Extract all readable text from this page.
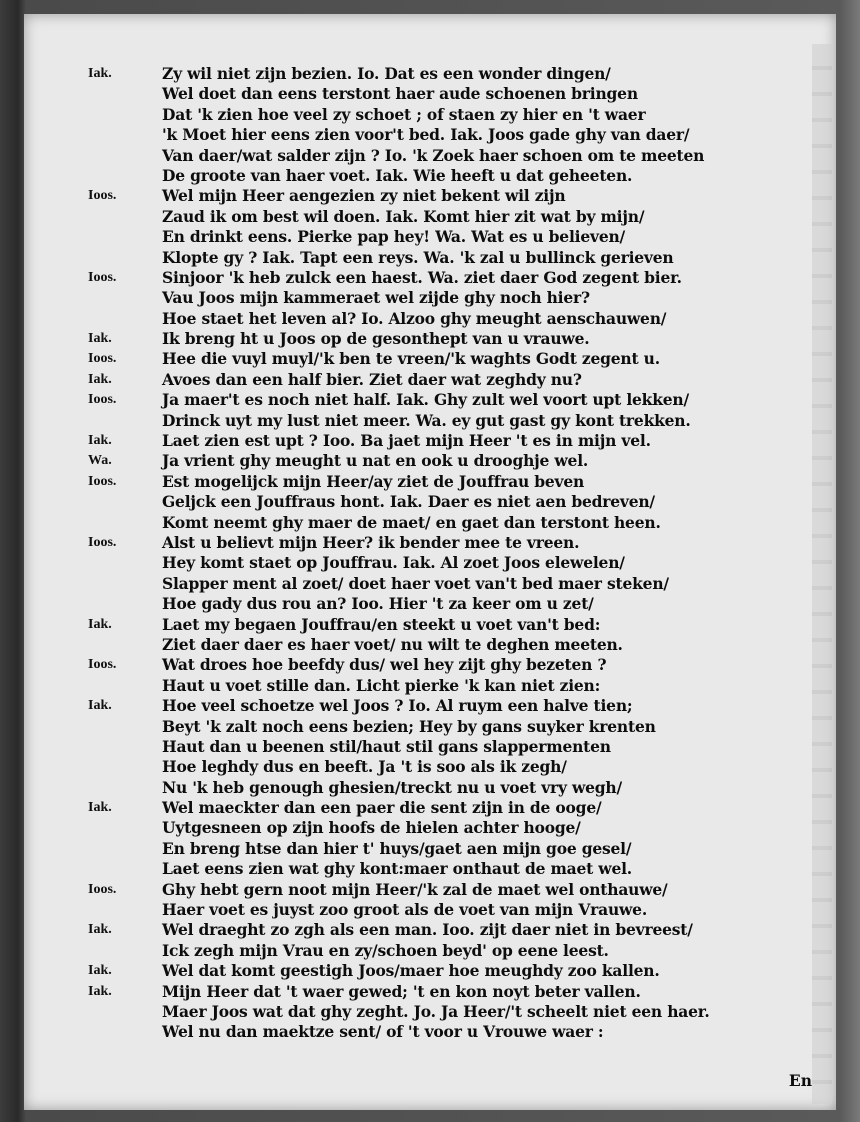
Iak.	Zy wil niet zijn bezien. Io. Dat es een wonder dingen/
Wel doet dan eens terstont haer aude schoenen bringen
Dat 'k zien hoe veel zy schoet ; of staen zy hier en 't waer
'k Moet hier eens zien voor't bed. Iak. Joos gade ghy van daer/
Van daer/wat salder zijn ? Io. 'k Zoek haer schoen om te meeten
De groote van haer voet. Iak. Wie heeft u dat geheeten.
Ioos.	Wel mijn Heer aengezien zy niet bekent wil zijn
Zaud ik om best wil doen. Iak. Komt hier zit wat by mijn/
En drinkt eens. Pierke pap hey! Wa. Wat es u believen/
Klopte gy ? Iak. Tapt een reys. Wa. 'k zal u bullinck gerieven
Ioos.	Sinjoor 'k heb zulck een haest. Wa. ziet daer God zegent bier.
Vau Joos mijn kammeraet wel zijde ghy noch hier?
Hoe staet het leven al? Io. Alzoo ghy meught aenschauwen/
Iak.	Ik breng ht u Joos op de gesonthept van u vrauwe.
Ioos.	Hee die vuyl muyl/'k ben te vreen/'k waghts Godt zegent u.
Iak.	Avoes dan een half bier. Ziet daer wat zeghdy nu?
Ioos.	Ja maer't es noch niet half. Iak. Ghy zult wel voort upt lekken/
Drinck uyt my lust niet meer. Wa. ey gut gast gy kont trekken.
Iak.	Laet zien est upt ? Ioo. Ba jaet mijn Heer 't es in mijn vel.
Wa.	Ja vrient ghy meught u nat en ook u drooghje wel.
Ioos.	Est mogelijck mijn Heer/ay ziet de Jouffrau beven
Geljck een Jouffraus hont. Iak. Daer es niet aen bedreven/
Komt neemt ghy maer de maet/ en gaet dan terstont heen.
Ioos.	Alst u believt mijn Heer? ik bender mee te vreen.
Hey komt staet op Jouffrau. Iak. Al zoet Joos elewelen/
Slapper ment al zoet/ doet haer voet van't bed maer steken/
Hoe gady dus rou an? Ioo. Hier 't za keer om u zet/
Iak.	Laet my begaen Jouffrau/en steekt u voet van't bed:
Ziet daer daer es haer voet/ nu wilt te deghen meeten.
Ioos.	Wat droes hoe beefdy dus/ wel hey zijt ghy bezeten ?
Haut u voet stille dan. Licht pierke 'k kan niet zien:
Iak.	Hoe veel schoetze wel Joos ? Io. Al ruym een halve tien;
Beyt 'k zalt noch eens bezien; Hey by gans suyker krenten
Haut dan u beenen stil/haut stil gans slappermenten
Hoe leghdy dus en beeft. Ja 't is soo als ik zegh/
Nu 'k heb genough ghesien/treckt nu u voet vry wegh/
Iak.	Wel maeckter dan een paer die sent zijn in de ooge/
Uytgesneen op zijn hoofs de hielen achter hooge/
En breng htse dan hier t' huys/gaet aen mijn goe gesel/
Laet eens zien wat ghy kont:maer onthaut de maet wel.
Ioos.	Ghy hebt gern noot mijn Heer/'k zal de maet wel onthauwe/
Haer voet es juyst zoo groot als de voet van mijn Vrauwe.
Iak.	Wel draeght zo zgh als een man. Ioo. zijt daer niet in bevreest/
Ick zegh mijn Vrau en zy/schoen beyd' op eene leest.
Iak.	Wel dat komt geestigh Joos/maer hoe meughdy zoo kallen.
Iak.	Mijn Heer dat 't waer gewed; 't en kon noyt beter vallen.
Maer Joos wat dat ghy zeght. Jo. Ja Heer/'t scheelt niet een haer.
Wel nu dan maektze sent/ of 't voor u Vrouwe waer :
En
